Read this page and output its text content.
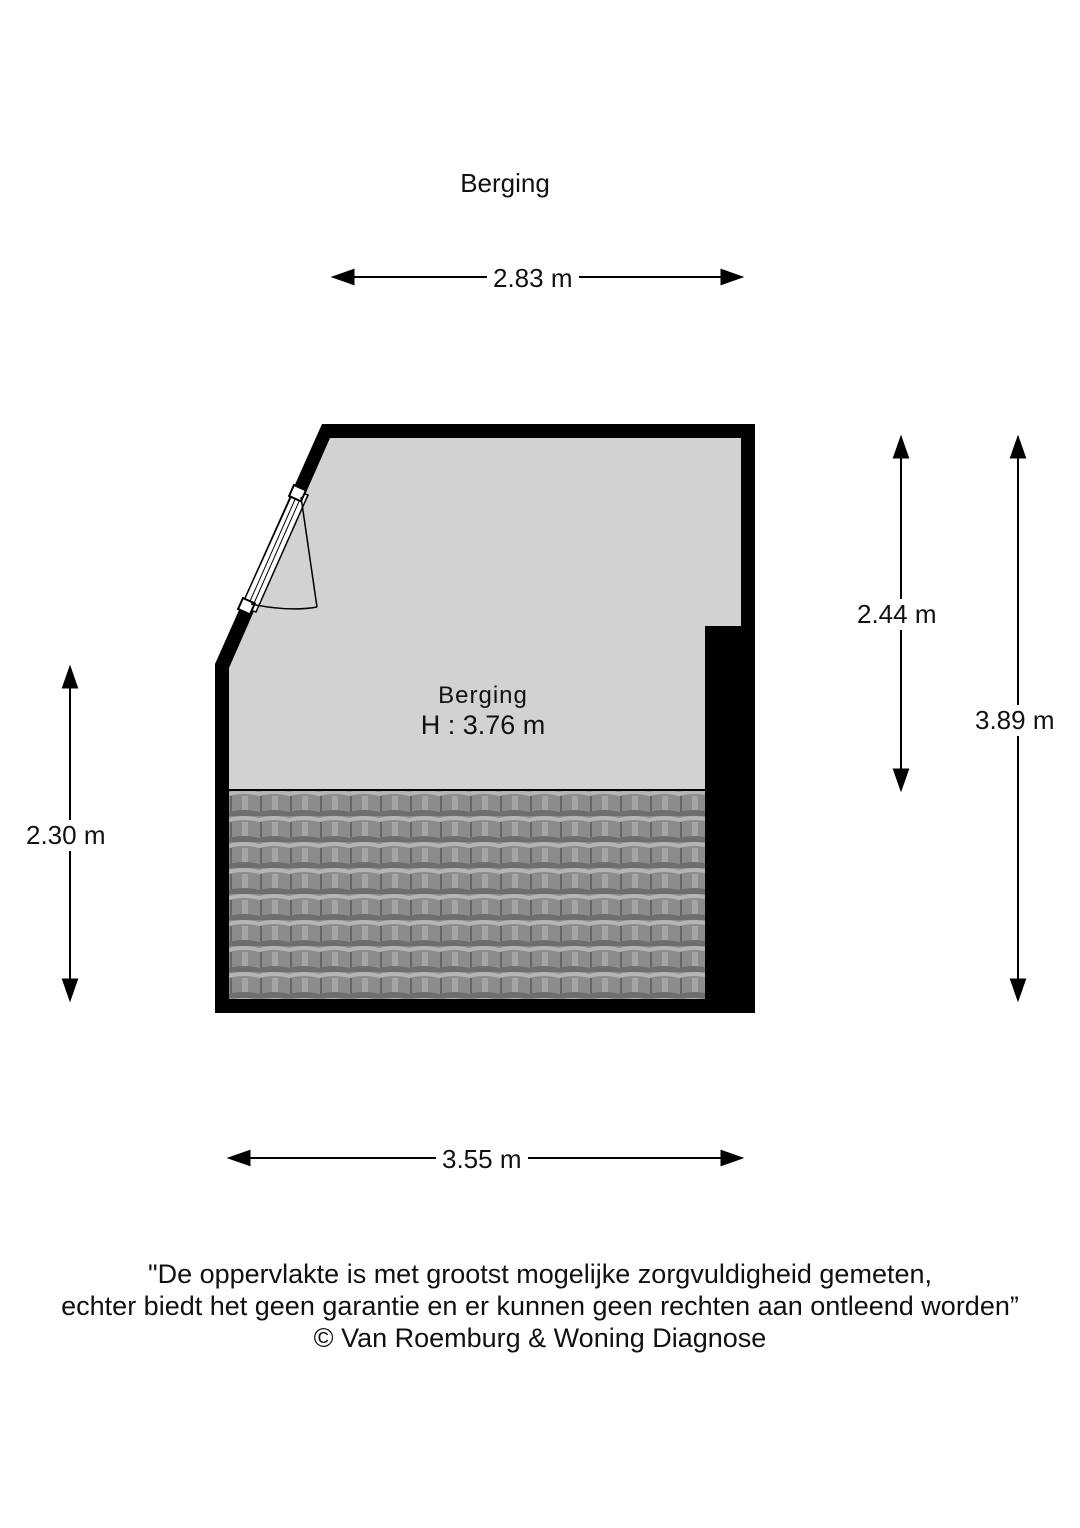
Berging
2.83 m
3.55 m
2.30 m
2.44 m
3.89 m
Berging
H : 3.76 m
"De oppervlakte is met grootst mogelijke zorgvuldigheid gemeten,
echter biedt het geen garantie en er kunnen geen rechten aan ontleend worden”
© Van Roemburg & Woning Diagnose
